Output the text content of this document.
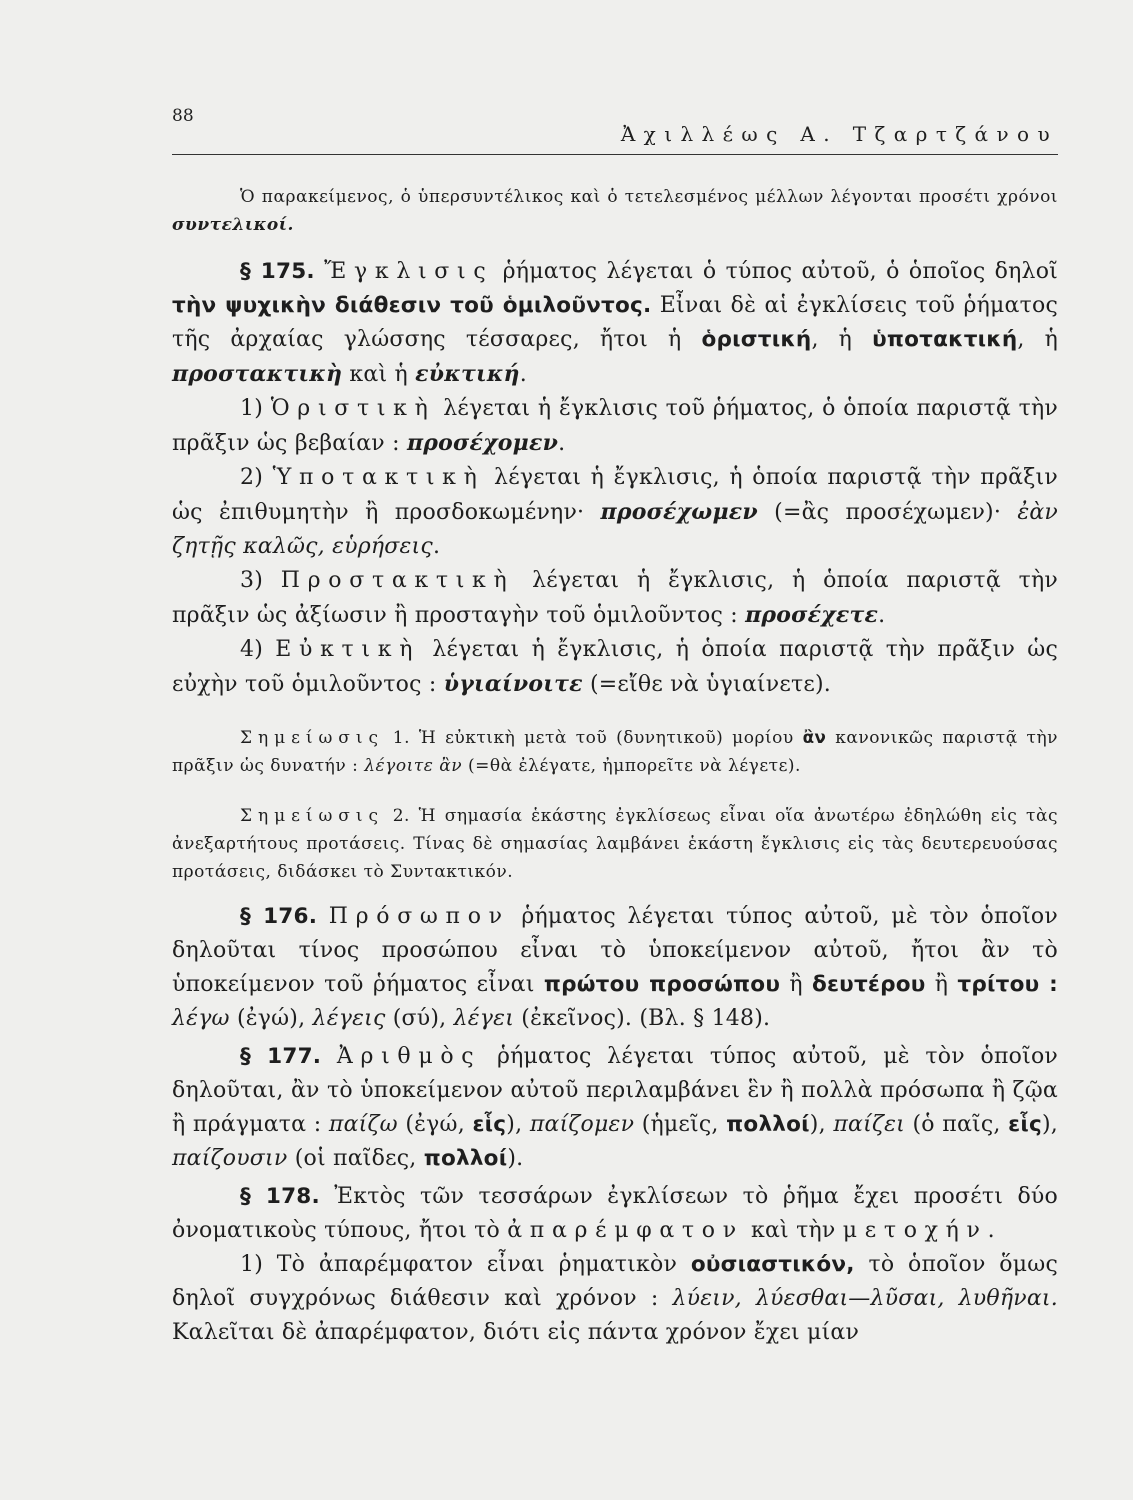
88
Ἀχιλλέως Α. Τζαρτζάνου

Ὁ παρακείμενος, ὁ ὑπερσυντέλικος καὶ ὁ τετελεσμένος μέλλων λέγονται προσέτι χρόνοι συντελικοί.

§ 175. Ἔγκλισις ῥήματος λέγεται ὁ τύπος αὐτοῦ, ὁ ὁποῖος δηλοῖ τὴν ψυχικὴν διάθεσιν τοῦ ὁμιλοῦντος. Εἶναι δὲ αἱ ἐγκλίσεις τοῦ ῥήματος τῆς ἀρχαίας γλώσσης τέσσαρες, ἤτοι ἡ ὁριστική, ἡ ὑποτακτική, ἡ προστακτικὴ καὶ ἡ εὐκτική.

1) Ὁριστικὴ λέγεται ἡ ἔγκλισις τοῦ ῥήματος, ὁ ὁποία παριστᾷ τὴν πρᾶξιν ὡς βεβαίαν : προσέχομεν.

2) Ὑποτακτικὴ λέγεται ἡ ἔγκλισις, ἡ ὁποία παριστᾷ τὴν πρᾶξιν ὡς ἐπιθυμητὴν ἢ προσδοκωμένην· προσέχωμεν (=ἂς προσέχωμεν)· ἐὰν ζητῇς καλῶς, εὑρήσεις.

3) Προστακτικὴ λέγεται ἡ ἔγκλισις, ἡ ὁποία παριστᾷ τὴν πρᾶξιν ὡς ἀξίωσιν ἢ προσταγὴν τοῦ ὁμιλοῦντος : προσέχετε.

4) Εὐκτικὴ λέγεται ἡ ἔγκλισις, ἡ ὁποία παριστᾷ τὴν πρᾶξιν ὡς εὐχὴν τοῦ ὁμιλοῦντος : ὑγιαίνοιτε (=εἴθε νὰ ὑγιαίνετε).

Σημείωσις 1. Ἡ εὐκτικὴ μετὰ τοῦ (δυνητικοῦ) μορίου ἂν κανονικῶς παριστᾷ τὴν πρᾶξιν ὡς δυνατήν : λέγοιτε ἂν (=θὰ ἐλέγατε, ἠμπορεῖτε νὰ λέγετε).

Σημείωσις 2. Ἡ σημασία ἑκάστης ἐγκλίσεως εἶναι οἵα ἀνωτέρω ἐδηλώθη εἰς τὰς ἀνεξαρτήτους προτάσεις. Τίνας δὲ σημασίας λαμβάνει ἑκάστη ἔγκλισις εἰς τὰς δευτερευούσας προτάσεις, διδάσκει τὸ Συντακτικόν.

§ 176. Πρόσωπον ῥήματος λέγεται τύπος αὐτοῦ, μὲ τὸν ὁποῖον δηλοῦται τίνος προσώπου εἶναι τὸ ὑποκείμενον αὐτοῦ, ἤτοι ἂν τὸ ὑποκείμενον τοῦ ῥήματος εἶναι πρώτου προσώπου ἢ δευτέρου ἢ τρίτου : λέγω (ἐγώ), λέγεις (σύ), λέγει (ἐκεῖνος). (Βλ. § 148).

§ 177. Ἀριθμὸς ῥήματος λέγεται τύπος αὐτοῦ, μὲ τὸν ὁποῖον δηλοῦται, ἂν τὸ ὑποκείμενον αὐτοῦ περιλαμβάνει ἓν ἢ πολλὰ πρόσωπα ἢ ζῷα ἢ πράγματα : παίζω (ἐγώ, εἷς), παίζομεν (ἡμεῖς, πολλοί), παίζει (ὁ παῖς, εἷς), παίζουσιν (οἱ παῖδες, πολλοί).

§ 178. Ἐκτὸς τῶν τεσσάρων ἐγκλίσεων τὸ ῥῆμα ἔχει προσέτι δύο ὀνοματικοὺς τύπους, ἤτοι τὸ ἀπαρέμφατον καὶ τὴν μετοχήν.

1) Τὸ ἀπαρέμφατον εἶναι ῥηματικὸν οὐσιαστικόν, τὸ ὁποῖον ὅμως δηλοῖ συγχρόνως διάθεσιν καὶ χρόνον : λύειν, λύεσθαι—λῦσαι, λυθῆναι. Καλεῖται δὲ ἀπαρέμφατον, διότι εἰς πάντα χρόνον ἔχει μίαν
